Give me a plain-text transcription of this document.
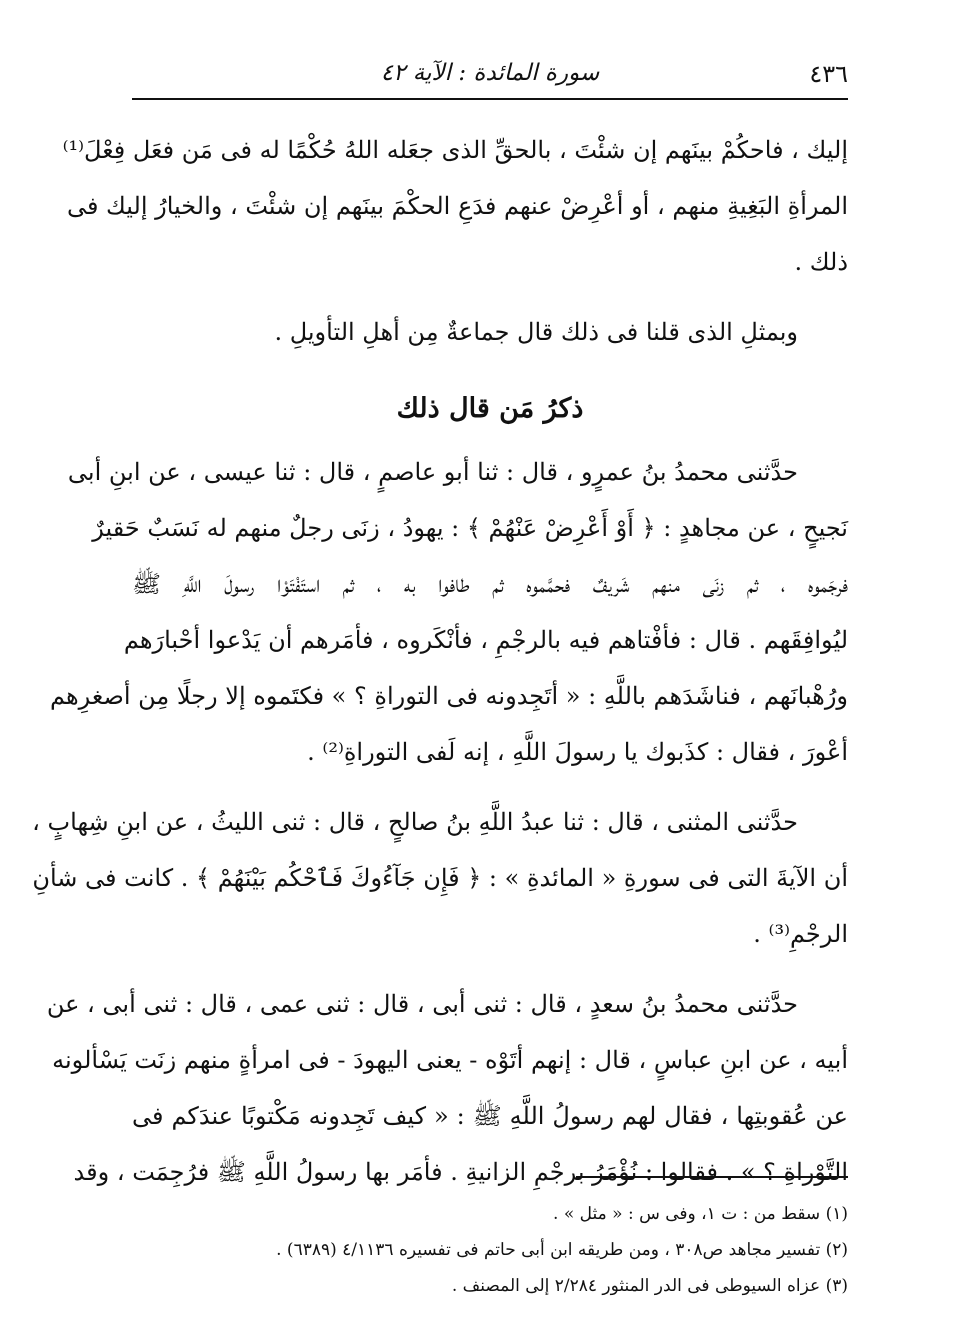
٤٣٦
سورة المائدة : الآية ٤٢
إليك ، فاحكُمْ بينَهم إن شئْتَ ، بالحقِّ الذى جعَله اللهُ حُكْمًا له فى مَن فعَل فِعْلَ⁽¹⁾
المرأةِ البَغِيةِ منهم ، أو أعْرِضْ عنهم فدَعِ الحكْمَ بينَهم إن شئْتَ ، والخيارُ إليك فى
ذلك .
وبمثلِ الذى قلنا فى ذلك قال جماعةٌ مِن أهلِ التأويلِ .
ذكرُ مَن قال ذلك
حدَّثنى محمدُ بنُ عمرٍو ، قال : ثنا أبو عاصمٍ ، قال : ثنا عيسى ، عن ابنِ أبى
نَجيحٍ ، عن مجاهدٍ : ﴿ أَوْ أَعْرِضْ عَنْهُمْ ﴾ : يهودُ ، زنَى رجلٌ منهم له نَسَبٌ حَقيرٌ
فرجَموه ، ثم زنَى منهم شَريفٌ فحمَّموه ثم طافوا به ، ثم استَفْتَوْا رسولَ اللَّهِ ﷺ
ليُوافِقَهم . قال : فأفْتاهم فيه بالرجْمِ ، فأنْكَروه ، فأمَرهم أن يَدْعوا أحْبارَهم
ورُهْبانَهم ، فناشَدَهم باللَّهِ : « أتَجِدونه فى التوراةِ ؟ » فكتَموه إلا رجلًا مِن أصغرِهم
أعْورَ ، فقال : كذَبوك يا رسولَ اللَّهِ ، إنه لَفى التوراةِ⁽²⁾ .
حدَّثنى المثنى ، قال : ثنا عبدُ اللَّهِ بنُ صالحٍ ، قال : ثنى الليثُ ، عن ابنِ شِهابٍ ،
أن الآيةَ التى فى سورةِ « المائدةِ » : ﴿ فَإِن جَآءُوكَ فَٱحْكُم بَيْنَهُمْ ﴾ . كانت فى شأنِ
الرجْمِ⁽³⁾ .
حدَّثنى محمدُ بنُ سعدٍ ، قال : ثنى أبى ، قال : ثنى عمى ، قال : ثنى أبى ، عن
أبيه ، عن ابنِ عباسٍ ، قال : إنهم أتَوْه - يعنى اليهودَ - فى امرأةٍ منهم زنَت يَسْألونه
عن عُقوبتِها ، فقال لهم رسولُ اللَّهِ ﷺ : « كيف تَجِدونه مَكْتوبًا عندَكم فى
التَّوْراةِ ؟ » . فقالوا : نُؤْمَرُ برجْمِ الزانيةِ . فأمَر بها رسولُ اللَّهِ ﷺ فرُجِمَت ، وقد
(١) سقط من : ت ١، وفى س : « مثل » .
(٢) تفسير مجاهد ص٣٠٨ ، ومن طريقه ابن أبى حاتم فى تفسيره ٤/١١٣٦ (٦٣٨٩) .
(٣) عزاه السيوطى فى الدر المنثور ٢/٢٨٤ إلى المصنف .
